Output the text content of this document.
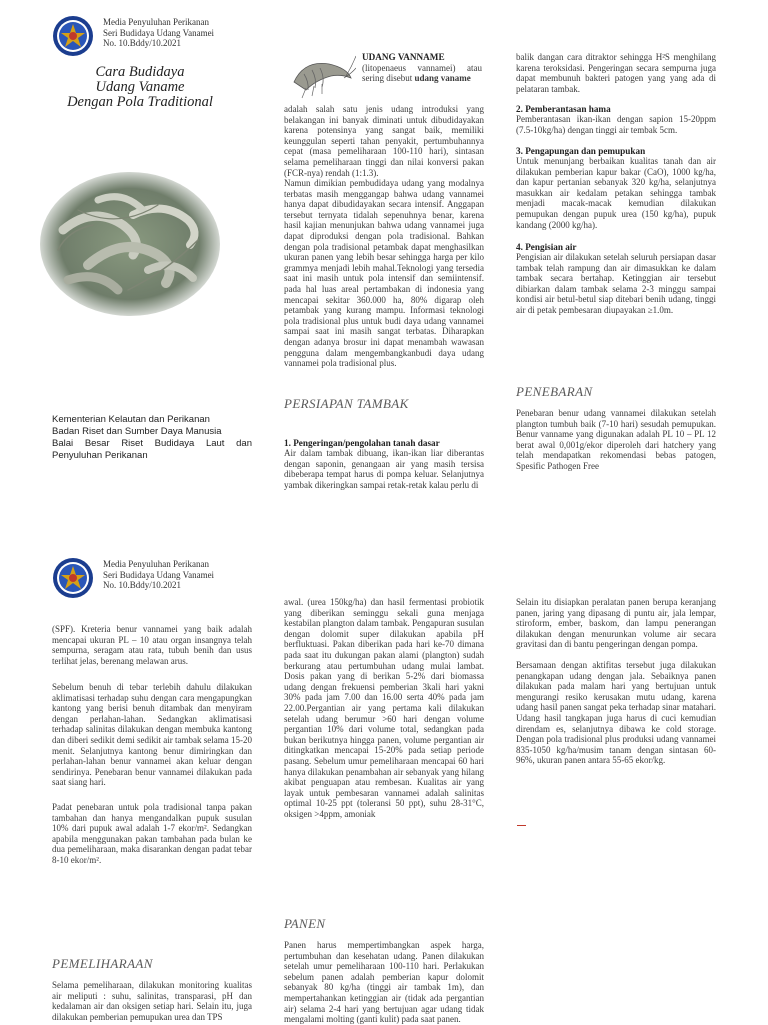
Media Penyuluhan Perikanan
Seri Budidaya Udang Vanamei
No. 10.Bddy/10.2021
Cara Budidaya
Udang Vaname
Dengan Pola Traditional
Kementerian Kelautan dan Perikanan
Badan Riset dan Sumber Daya Manusia
Balai Besar Riset Budidaya Laut dan Penyuluhan Perikanan
UDANG VANNAME
(litopenaeus vannamei) atau sering disebut udang vaname
adalah salah satu jenis udang introduksi yang belakangan ini banyak diminati untuk dibudidayakan karena potensinya yang sangat baik, memiliki keunggulan seperti tahan penyakit, pertumbuhannya cepat (masa pemeliharaan 100-110 hari), sintasan selama pemeliharaan tinggi dan nilai konversi pakan (FCR-nya) rendah (1:1.3).
Namun dimikian pembudidaya udang yang modalnya terbatas masih menggangap bahwa udang vannamei hanya dapat dibudidayakan secara intensif. Anggapan tersebut ternyata tidalah sepenuhnya benar, karena hasil kajian menunjukan bahwa udang vannamei juga dapat diproduksi dengan pola tradisional. Bahkan dengan pola tradisional petambak dapat menghasilkan ukuran panen yang lebih besar sehingga harga per kilo grammya menjadi lebih mahal.Teknologi yang tersedia saat ini masih untuk pola intensif dan semiintensif. pada hal luas areal pertambakan di indonesia yang mencapai sekitar 360.000 ha, 80% digarap oleh petambak yang kurang mampu. Informasi teknologi pola tradisional plus untuk budi daya udang vannamei sampai saat ini masih sangat terbatas. Diharapkan dengan adanya brosur ini dapat menambah wawasan pengguna dalam mengembangkanbudi daya udang vannamei pola tradisional plus.
PERSIAPAN TAMBAK
1. Pengeringan/pengolahan tanah dasar
Air dalam tambak dibuang, ikan-ikan liar diberantas dengan saponin, genangaan air yang masih tersisa dibeberapa tempat harus di pompa keluar. Selanjutnya yambak dikeringkan sampai retak-retak kalau perlu di
balik dangan cara ditraktor sehingga H²S menghilang karena teroksidasi. Pengeringan secara sempurna juga dapat membunuh bakteri patogen yang yang ada di pelataran tambak.
2. Pemberantasan hama
Pemberantasan ikan-ikan dengan sapion 15-20ppm (7.5-10kg/ha) dengan tinggi air tembak 5cm.
3. Pengapungan dan pemupukan
Untuk menunjang berbaikan kualitas tanah dan air dilakukan pemberian kapur bakar (CaO), 1000 kg/ha, dan kapur pertanian sebanyak 320 kg/ha, selanjutnya masukkan air kedalam petakan sehingga tambak menjadi macak-macak kemudian dilakukan pemupukan dengan pupuk urea (150 kg/ha), pupuk kandang (2000 kg/ha).
4. Pengisian air
Pengisian air dilakukan setelah seluruh persiapan dasar tambak telah rampung dan air dimasukkan ke dalam tambak secara bertahap. Ketinggian air tersebut dibiarkan dalam tambak selama 2-3 minggu sampai kondisi air betul-betul siap ditebari benih udang, tinggi air di petak pembesaran diupayakan ≥1.0m.
PENEBARAN
Penebaran benur udang vannamei dilakukan setelah plangton tumbuh baik (7-10 hari) sesudah pemupukan. Benur vanname yang digunakan adalah PL 10 – PL 12 berat awal 0,001g/ekor diperoleh dari hatchery yang telah mendapatkan rekomendasi bebas patogen, Spesific Pathogen Free
Media Penyuluhan Perikanan
Seri Budidaya Udang Vanamei
No. 10.Bddy/10.2021
(SPF). Kreteria benur vannamei yang baik adalah mencapai ukuran PL – 10 atau organ insangnya telah sempurna, seragam atau rata, tubuh benih dan usus terlihat jelas, berenang melawan arus.
Sebelum benuh di tebar terlebih dahulu dilakukan aklimatisasi terhadap suhu dengan cara mengapungkan kantong yang berisi benuh ditambak dan menyiram dengan perlahan-lahan. Sedangkan aklimatisasi terhadap salinitas dilakukan dengan membuka kantong dan diberi sedikit demi sedikit air tambak selama 15-20 menit. Selanjutnya kantong benur dimiringkan dan perlahan-lahan benur vannamei akan keluar dengan sendirinya. Penebaran benur vannamei dilakukan pada saat siang hari.
Padat penebaran untuk pola tradisional tanpa pakan tambahan dan hanya mengandalkan pupuk susulan 10% dari pupuk awal adalah 1-7 ekor/m². Sedangkan apabila menggunakan pakan tambahan pada bulan ke dua pemeliharaan, maka disarankan dengan padat tebar 8-10 ekor/m².
PEMELIHARAAN
Selama pemeliharaan, dilakukan monitoring kualitas air meliputi : suhu, salinitas, transparasi, pH dan kedalaman air dan oksigen setiap hari. Selain itu, juga dilakukan pemberian pemupukan urea dan TPS
awal. (urea 150kg/ha) dan hasil fermentasi probiotik yang diberikan seminggu sekali guna menjaga kestabilan plangton dalam tambak. Pengapuran susulan dengan dolomit super dilakukan apabila pH berfluktuasi. Pakan diberikan pada hari ke-70 dimana pada saat itu dukungan pakan alami (plangton) sudah berkurang atau pertumbuhan udang mulai lambat. Dosis pakan yang di berikan 5-2% dari biomassa udang dengan frekuensi pemberian 3kali hari yakni 30% pada jam 7.00 dan 16.00 serta 40% pada jam 22.00.Pergantian air yang pertama kali dilakukan setelah udang berumur >60 hari dengan volume pergantian 10% dari volume total, sedangkan pada bukan berikutnya hingga panen, volume pergantian air ditingkatkan mencapai 15-20% pada setiap periode pasang. Sebelum umur pemeliharaan mencapai 60 hari hanya dilakukan penambahan air sebanyak yang hilang akibat penguapan atau rembesan. Kualitas air yang layak untuk pembesaran vannamei adalah salinitas optimal 10-25 ppt (toleransi 50 ppt), suhu 28-31°C, oksigen >4ppm, amoniak
PANEN
Panen harus mempertimbangkan aspek harga, pertumbuhan dan kesehatan udang. Panen dilakukan setelah umur pemeliharaan 100-110 hari. Perlakukan sebelum panen adalah pemberian kapur dolomit sebanyak 80 kg/ha (tinggi air tambak 1m), dan mempertahankan ketinggian air (tidak ada pergantian air) selama 2-4 hari yang bertujuan agar udang tidak mengalami molting (ganti kulit) pada saat panen.
Selain itu disiapkan peralatan panen berupa keranjang panen, jaring yang dipasang di puntu air, jala lempar, stiroform, ember, baskom, dan lampu penerangan dilakukan dengan menurunkan volume air secara gravitasi dan di bantu pengeringan dengan pompa.
Bersamaan dengan aktifitas tersebut juga dilakukan penangkapan udang dengan jala. Sebaiknya panen dilakukan pada malam hari yang bertujuan untuk mengurangi resiko kerusakan mutu udang, karena udang hasil panen sangat peka terhadap sinar matahari. Udang hasil tangkapan juga harus di cuci kemudian direndam es, selanjutnya dibawa ke cold storage. Dengan pola tradisional plus produksi udang vannamei 835-1050 kg/ha/musim tanam dengan sintasan 60-96%, ukuran panen antara 55-65 ekor/kg.
